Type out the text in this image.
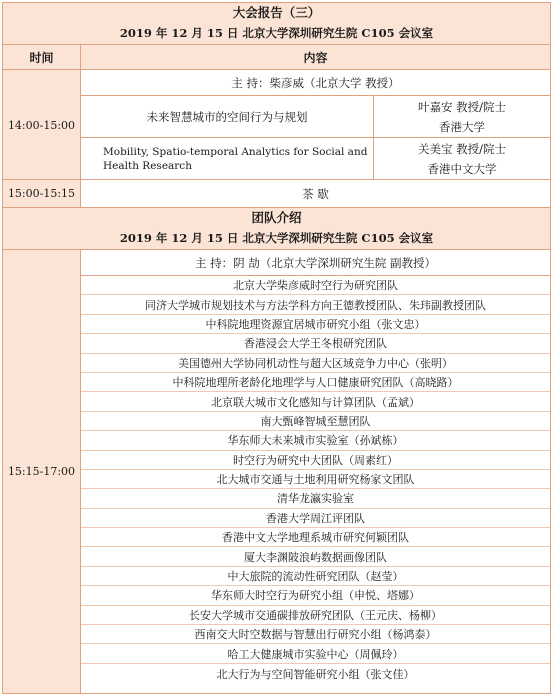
大会报告（三）
2019 年 12 月 15 日 北京大学深圳研究生院 C105 会议室
时间	内容
14:00-15:00
主 持：柴彦威（北京大学 教授）
未来智慧城市的空间行为与规划
叶嘉安 教授/院士
香港大学
Mobility, Spatio-temporal Analytics for Social and Health Research
关美宝 教授/院士
香港中文大学
15:00-15:15	茶 歇
团队介绍
2019 年 12 月 15 日 北京大学深圳研究生院 C105 会议室
15:15-17:00
主 持：阴 劼（北京大学深圳研究生院 副教授）
北京大学柴彦威时空行为研究团队
同济大学城市规划技术与方法学科方向王德教授团队、朱玮副教授团队
中科院地理资源宜居城市研究小组（张文忠）
香港浸会大学王冬根研究团队
美国德州大学协同机动性与超大区域竞争力中心（张明）
中科院地理所老龄化地理学与人口健康研究团队（高晓路）
北京联大城市文化感知与计算团队（孟斌）
南大甄峰智城至慧团队
华东师大未来城市实验室（孙斌栋）
时空行为研究中大团队（周素红）
北大城市交通与土地利用研究杨家文团队
清华龙瀛实验室
香港大学周江评团队
香港中文大学地理系城市研究何颖团队
厦大李渊陂浪屿数据画像团队
中大旅院的流动性研究团队（赵莹）
华东师大时空行为研究小组（申悦、塔娜）
长安大学城市交通碳排放研究团队（王元庆、杨柳）
西南交大时空数据与智慧出行研究小组（杨鸿泰）
哈工大健康城市实验中心（周佩玲）
北大行为与空间智能研究小组（张文佳）
